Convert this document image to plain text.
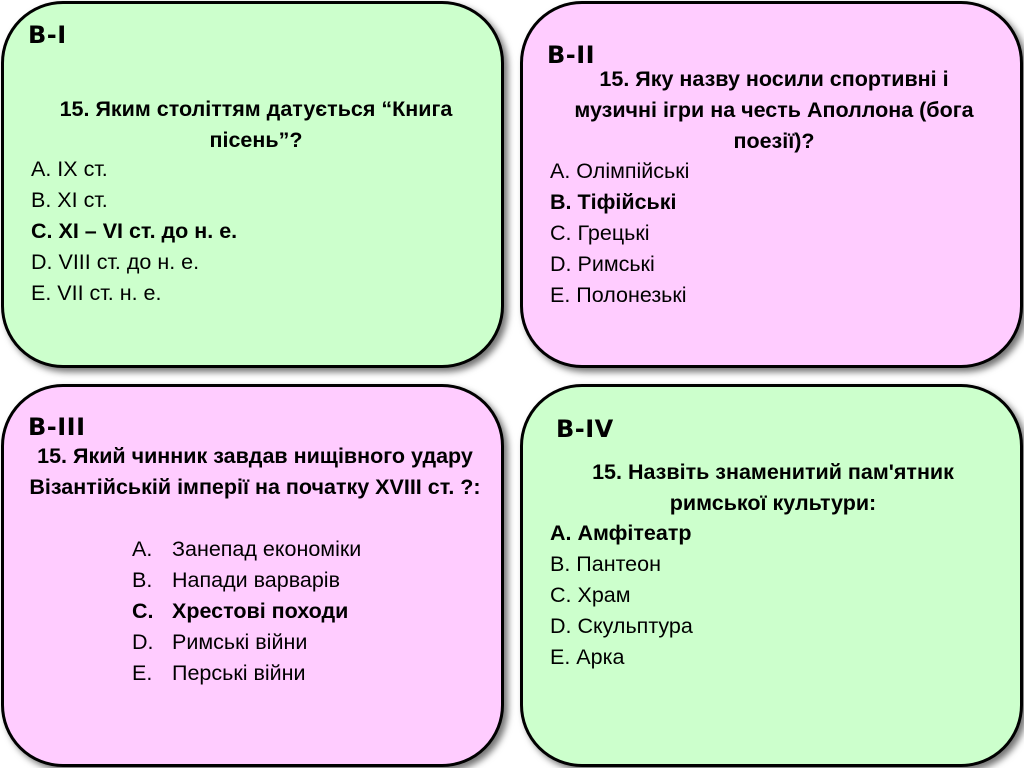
В-I

15. Яким століттям датується “Книга пісень”?

A. IX ст.
B. XI ст.
C. XI – VI ст. до н. е.
D. VIII ст. до н. е.
E. VII ст. н. е.
В-II

15. Яку назву носили спортивні і музичні ігри на честь Аполлона (бога поезії)?

A. Олімпійські
B. Тіфійські
C. Грецькі
D. Римські
E. Полонезькі
В-III

15. Який чинник завдав нищівного удару Візантійській імперії на початку XVIII ст. ?:

A. Занепад економіки
B. Напади варварів
C. Хрестові походи
D. Римські війни
E. Перські війни
В-IV

15. Назвіть знаменитий пам'ятник римської культури:

A. Амфітеатр
B. Пантеон
C. Храм
D. Скульптура
E. Арка
